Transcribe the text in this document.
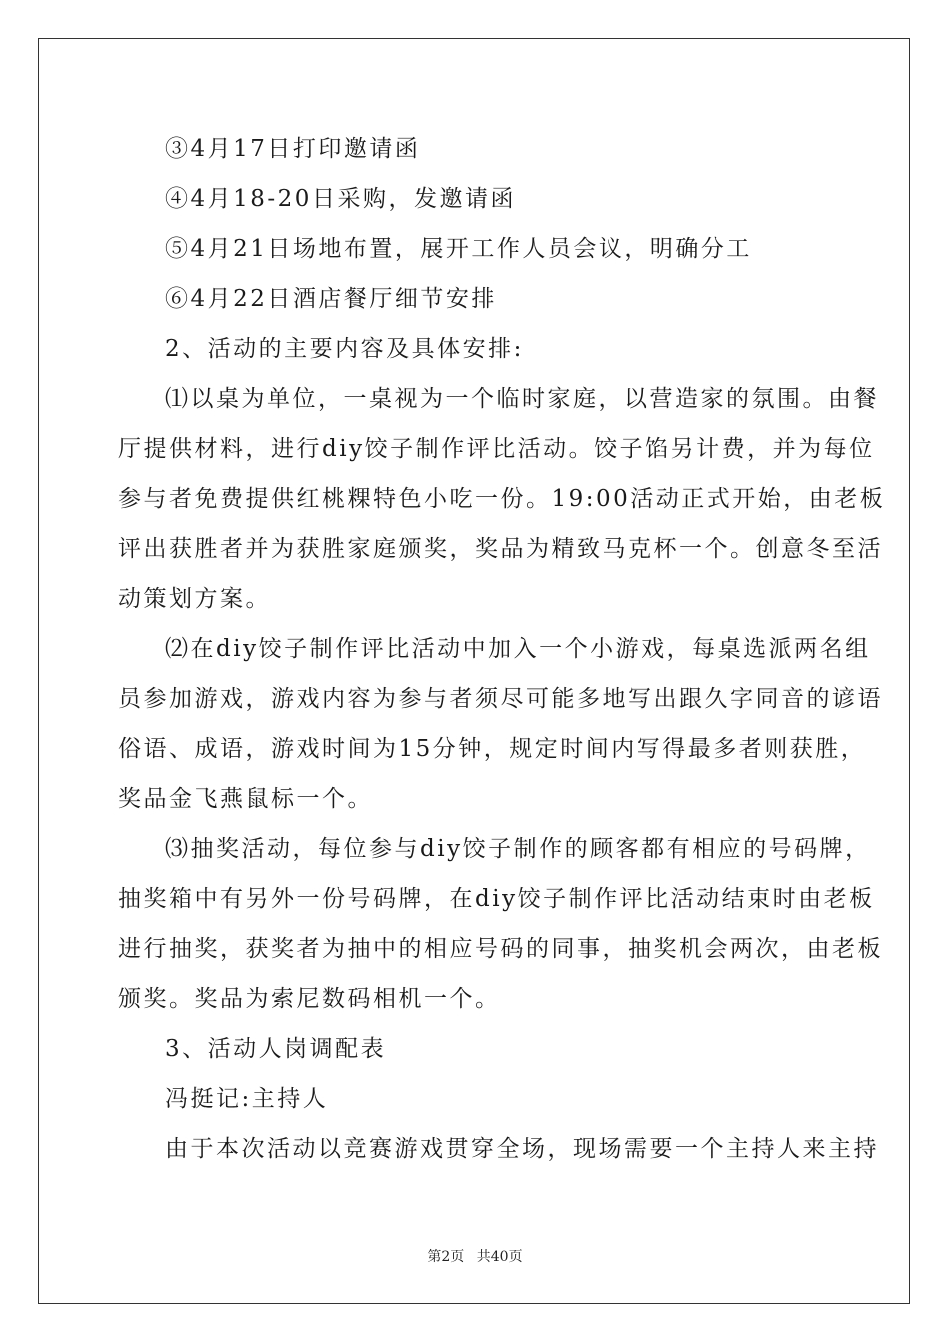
③4月17日打印邀请函
④4月18-20日采购，发邀请函
⑤4月21日场地布置，展开工作人员会议，明确分工
⑥4月22日酒店餐厅细节安排
2、活动的主要内容及具体安排:
⑴以桌为单位，一桌视为一个临时家庭，以营造家的氛围。由餐
厅提供材料，进行diy饺子制作评比活动。饺子馅另计费，并为每位
参与者免费提供红桃粿特色小吃一份。19:00活动正式开始，由老板
评出获胜者并为获胜家庭颁奖，奖品为精致马克杯一个。创意冬至活
动策划方案。
⑵在diy饺子制作评比活动中加入一个小游戏，每桌选派两名组
员参加游戏，游戏内容为参与者须尽可能多地写出跟久字同音的谚语
俗语、成语，游戏时间为15分钟，规定时间内写得最多者则获胜，
奖品金飞燕鼠标一个。
⑶抽奖活动，每位参与diy饺子制作的顾客都有相应的号码牌，
抽奖箱中有另外一份号码牌，在diy饺子制作评比活动结束时由老板
进行抽奖，获奖者为抽中的相应号码的同事，抽奖机会两次，由老板
颁奖。奖品为索尼数码相机一个。
3、活动人岗调配表
冯挺记:主持人
由于本次活动以竞赛游戏贯穿全场，现场需要一个主持人来主持
第2页 共40页
